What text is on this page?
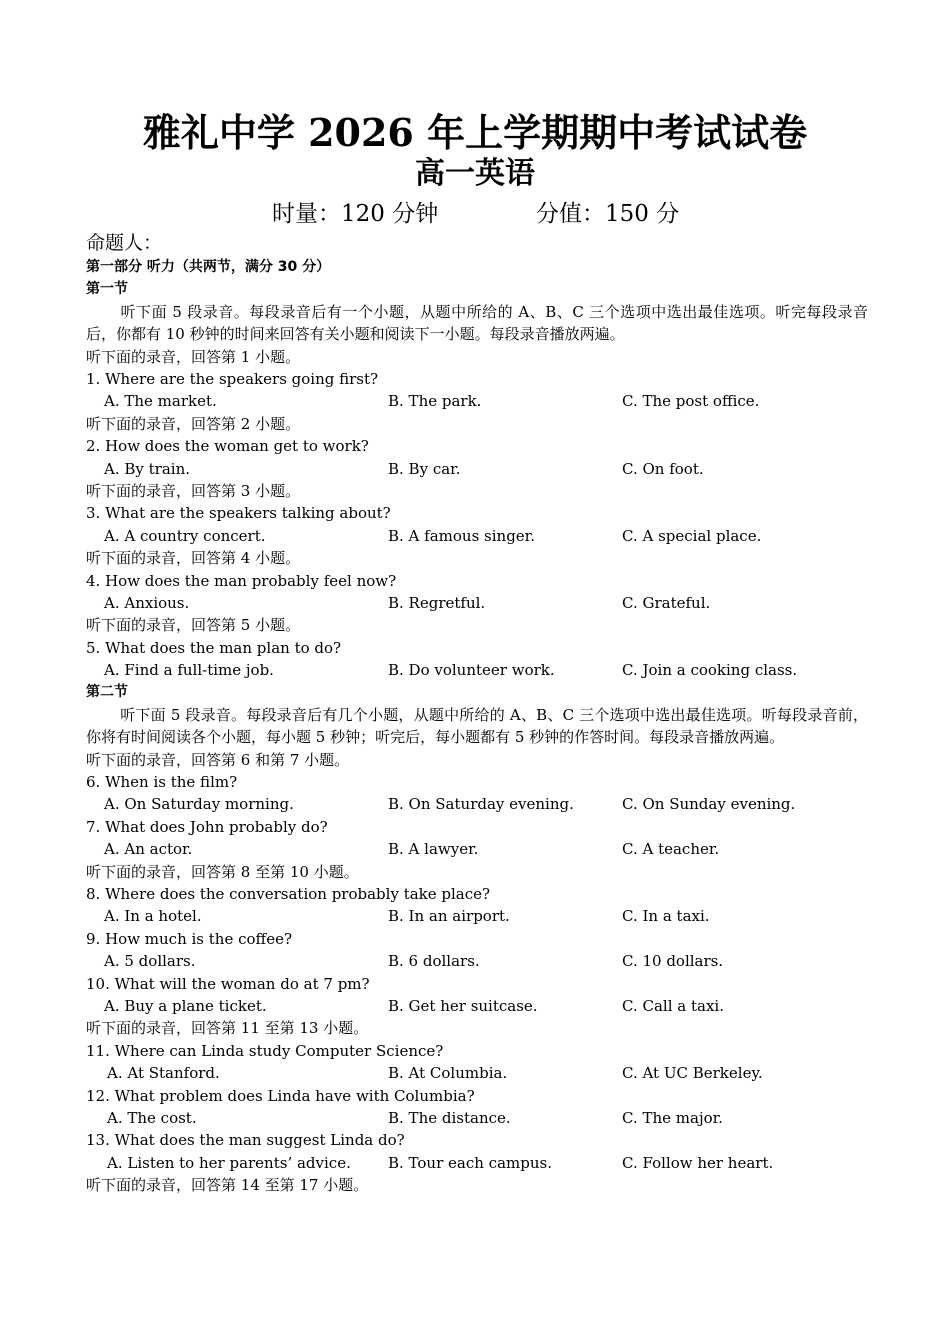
雅礼中学 2026 年上学期期中考试试卷
高一英语
时量：120 分钟	分值：150 分
命题人：
第一部分 听力（共两节，满分 30 分）
第一节
听下面 5 段录音。每段录音后有一个小题，从题中所给的 A、B、C 三个选项中选出最佳选项。听完每段录音后，你都有 10 秒钟的时间来回答有关小题和阅读下一小题。每段录音播放两遍。
听下面的录音，回答第 1 小题。
1. Where are the speakers going first?
A. The market.	B. The park.	C. The post office.
听下面的录音，回答第 2 小题。
2. How does the woman get to work?
A. By train.	B. By car.	C. On foot.
听下面的录音，回答第 3 小题。
3. What are the speakers talking about?
A. A country concert.	B. A famous singer.	C. A special place.
听下面的录音，回答第 4 小题。
4. How does the man probably feel now?
A. Anxious.	B. Regretful.	C. Grateful.
听下面的录音，回答第 5 小题。
5. What does the man plan to do?
A. Find a full-time job.	B. Do volunteer work.	C. Join a cooking class.
第二节
听下面 5 段录音。每段录音后有几个小题，从题中所给的 A、B、C 三个选项中选出最佳选项。听每段录音前，你将有时间阅读各个小题，每小题 5 秒钟；听完后，每小题都有 5 秒钟的作答时间。每段录音播放两遍。
听下面的录音，回答第 6 和第 7 小题。
6. When is the film?
A. On Saturday morning.	B. On Saturday evening.	C. On Sunday evening.
7. What does John probably do?
A. An actor.	B. A lawyer.	C. A teacher.
听下面的录音，回答第 8 至第 10 小题。
8. Where does the conversation probably take place?
A. In a hotel.	B. In an airport.	C. In a taxi.
9. How much is the coffee?
A. 5 dollars.	B. 6 dollars.	C. 10 dollars.
10. What will the woman do at 7 pm?
A. Buy a plane ticket.	B. Get her suitcase.	C. Call a taxi.
听下面的录音，回答第 11 至第 13 小题。
11. Where can Linda study Computer Science?
A. At Stanford.	B. At Columbia.	C. At UC Berkeley.
12. What problem does Linda have with Columbia?
A. The cost.	B. The distance.	C. The major.
13. What does the man suggest Linda do?
A. Listen to her parents’ advice. B. Tour each campus.	C. Follow her heart.
听下面的录音，回答第 14 至第 17 小题。
